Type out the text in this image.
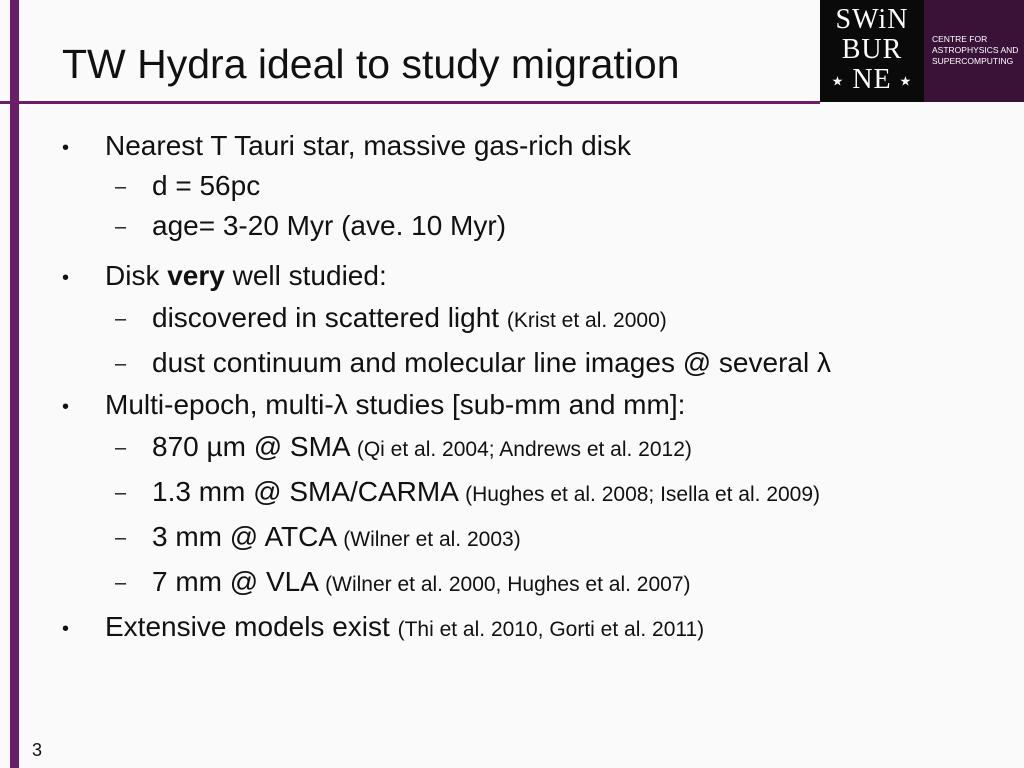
TW Hydra ideal to study migration
SWiN
BUR
★ NE ★
CENTRE FOR ASTROPHYSICS AND SUPERCOMPUTING
• Nearest T Tauri star, massive gas-rich disk
– d = 56pc
– age= 3-20 Myr (ave. 10 Myr)
• Disk very well studied:
– discovered in scattered light (Krist et al. 2000)
– dust continuum and molecular line images @ several λ
• Multi-epoch, multi-λ studies [sub-mm and mm]:
– 870 µm @ SMA (Qi et al. 2004; Andrews et al. 2012)
– 1.3 mm @ SMA/CARMA (Hughes et al. 2008; Isella et al. 2009)
– 3 mm @ ATCA (Wilner et al. 2003)
– 7 mm @ VLA (Wilner et al. 2000, Hughes et al. 2007)
• Extensive models exist (Thi et al. 2010, Gorti et al. 2011)
3
